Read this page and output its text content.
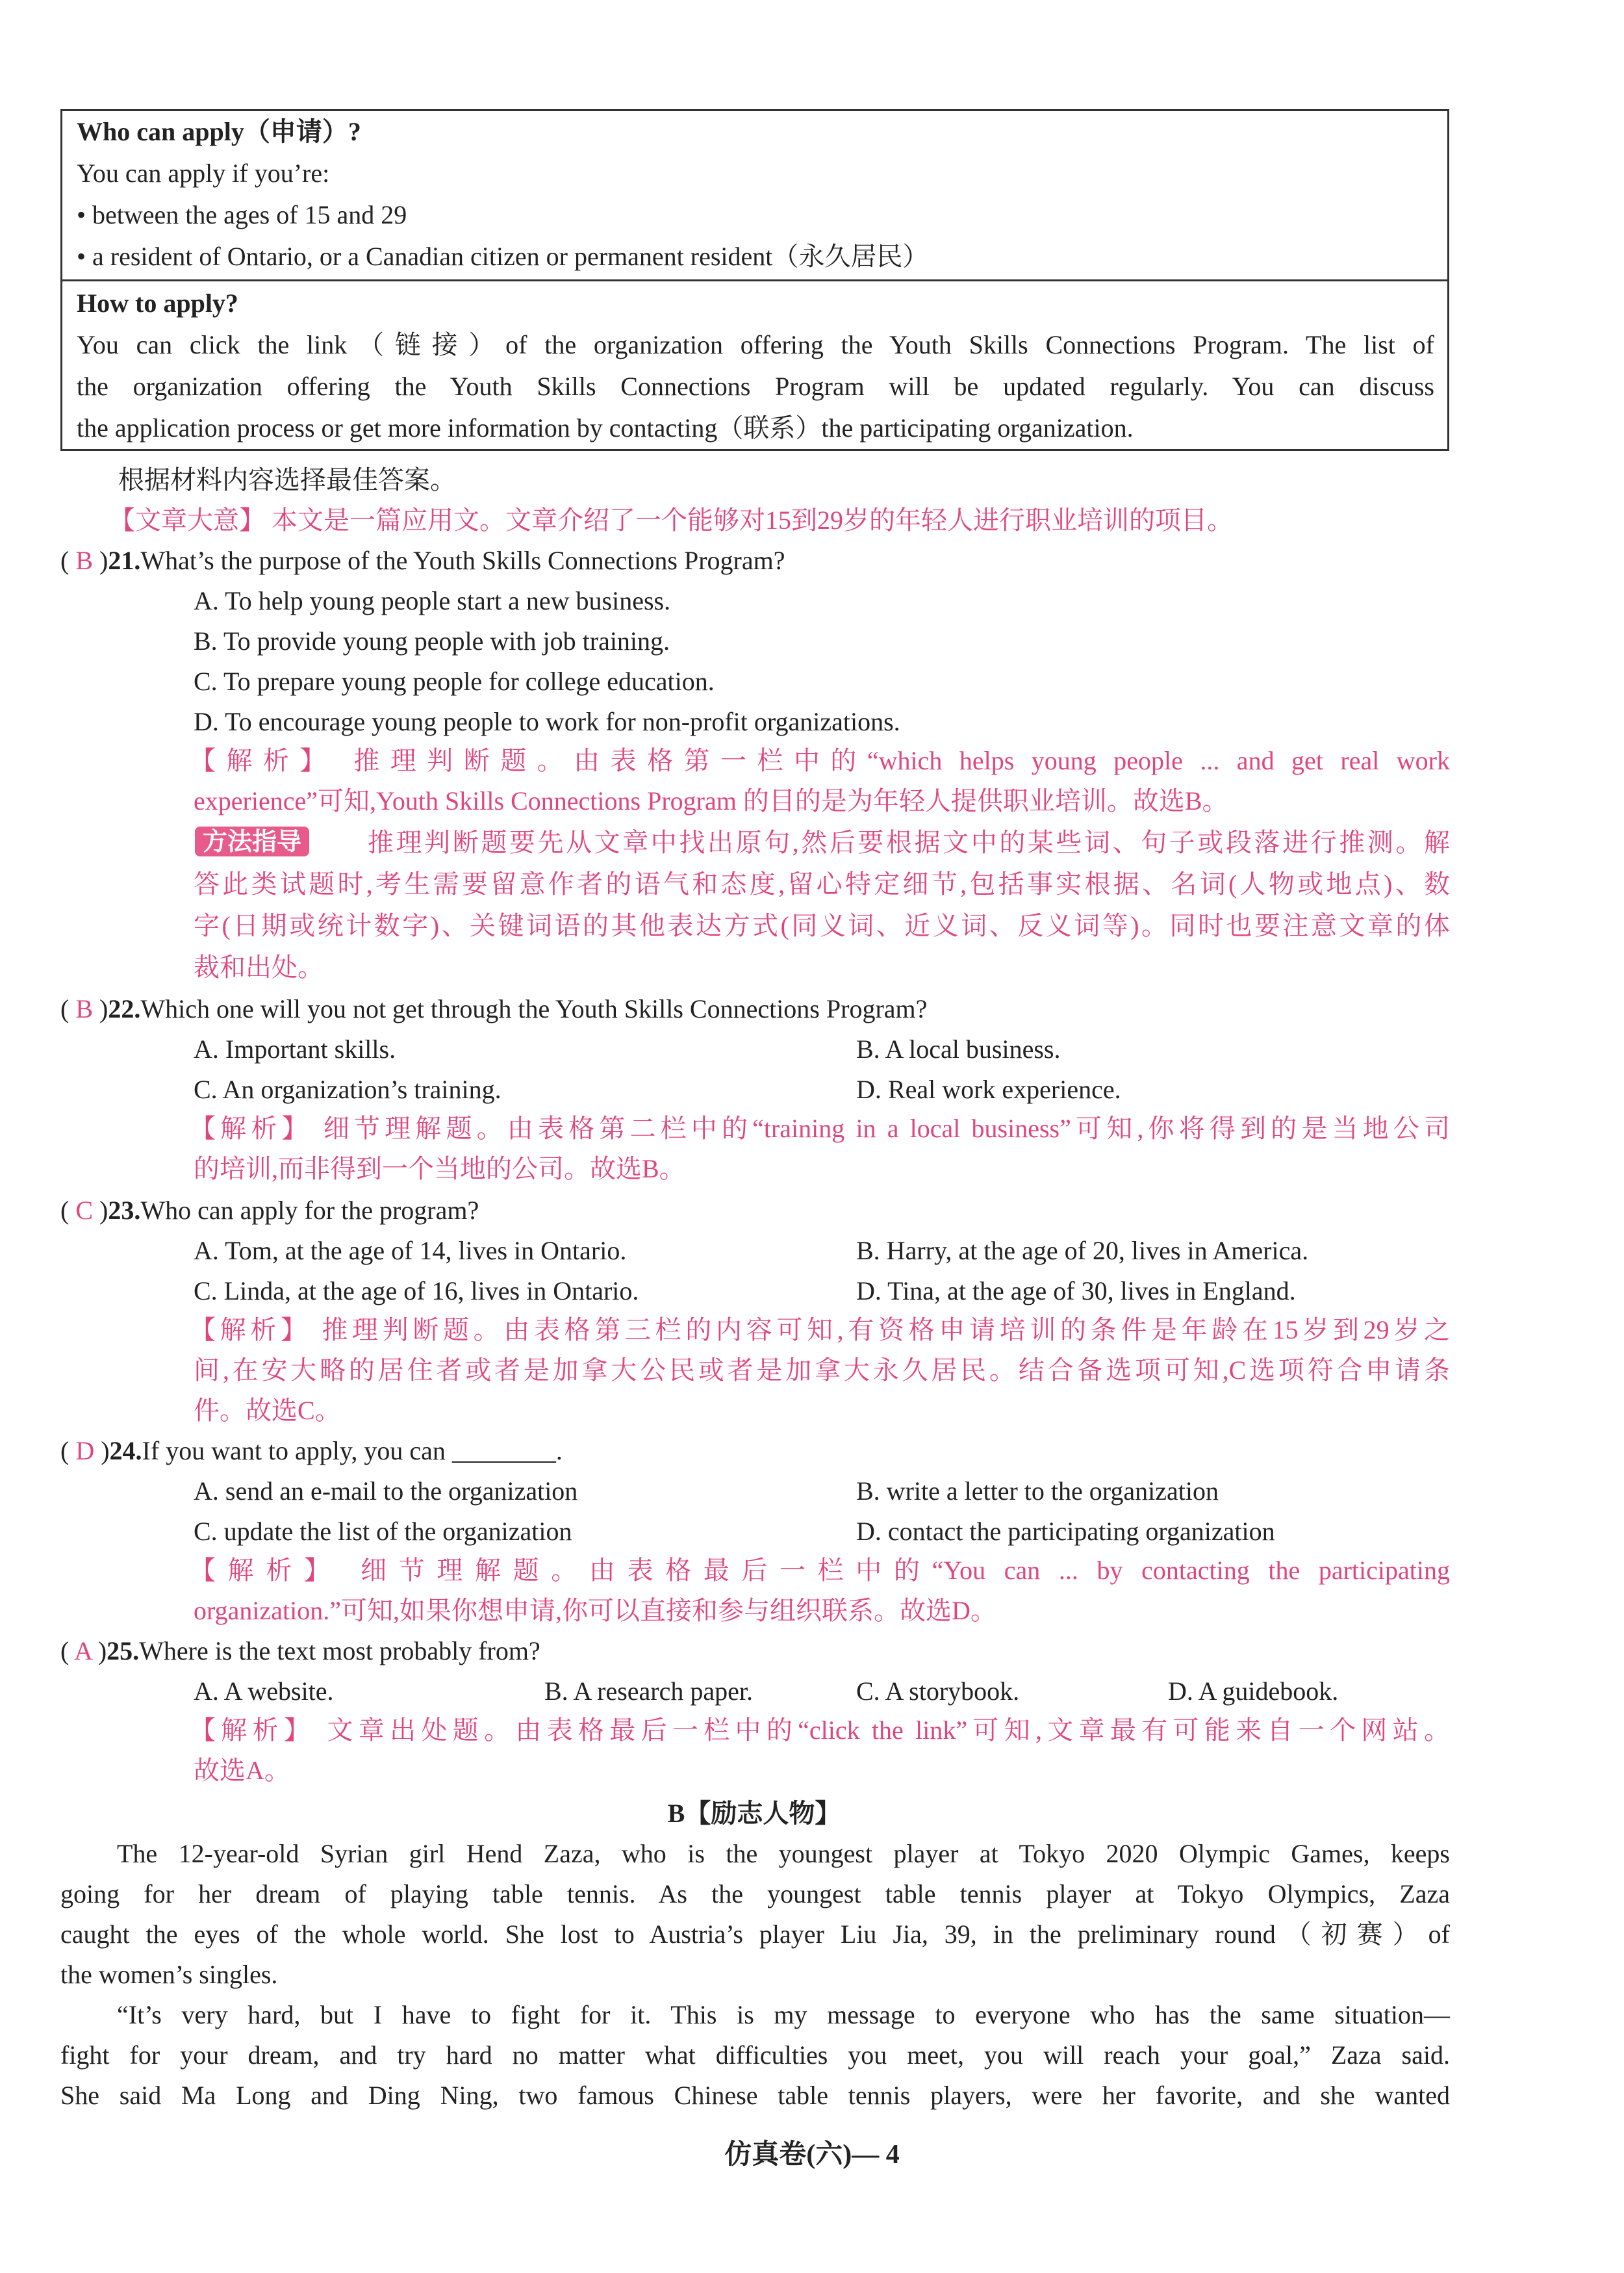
Who can apply（申请）?
You can apply if you’re:
• between the ages of 15 and 29
• a resident of Ontario, or a Canadian citizen or permanent resident（永久居民）
How to apply?
You can click the link（链接）of the organization offering the Youth Skills Connections Program. The list of
the organization offering the Youth Skills Connections Program will be updated regularly. You can discuss
the application process or get more information by contacting（联系）the participating organization.
根据材料内容选择最佳答案。
【文章大意】 本文是一篇应用文。文章介绍了一个能够对15到29岁的年轻人进行职业培训的项目。
( B )21.What’s the purpose of the Youth Skills Connections Program?
A. To help young people start a new business.
B. To provide young people with job training.
C. To prepare young people for college education.
D. To encourage young people to work for non-profit organizations.
【解析】 推理判断题。由表格第一栏中的“which helps young people ... and get real work
experience”可知,Youth Skills Connections Program 的目的是为年轻人提供职业培训。故选B。
方法指导	推理判断题要先从文章中找出原句,然后要根据文中的某些词、句子或段落进行推测。解
答此类试题时,考生需要留意作者的语气和态度,留心特定细节,包括事实根据、名词(人物或地点)、数
字(日期或统计数字)、关键词语的其他表达方式(同义词、近义词、反义词等)。同时也要注意文章的体
裁和出处。
( B )22.Which one will you not get through the Youth Skills Connections Program?
A. Important skills.	B. A local business.
C. An organization’s training.	D. Real work experience.
【解析】 细节理解题。由表格第二栏中的“training in a local business”可知,你将得到的是当地公司
的培训,而非得到一个当地的公司。故选B。
( C )23.Who can apply for the program?
A. Tom, at the age of 14, lives in Ontario.	B. Harry, at the age of 20, lives in America.
C. Linda, at the age of 16, lives in Ontario.	D. Tina, at the age of 30, lives in England.
【解析】 推理判断题。由表格第三栏的内容可知,有资格申请培训的条件是年龄在15岁到29岁之
间,在安大略的居住者或者是加拿大公民或者是加拿大永久居民。结合备选项可知,C选项符合申请条
件。故选C。
( D )24.If you want to apply, you can ________.
A. send an e-mail to the organization	B. write a letter to the organization
C. update the list of the organization	D. contact the participating organization
【解析】 细节理解题。由表格最后一栏中的“You can ... by contacting the participating
organization.”可知,如果你想申请,你可以直接和参与组织联系。故选D。
( A )25.Where is the text most probably from?
A. A website.	B. A research paper.	C. A storybook.	D. A guidebook.
【解析】 文章出处题。由表格最后一栏中的“click the link”可知,文章最有可能来自一个网站。
故选A。
B【励志人物】
The 12-year-old Syrian girl Hend Zaza, who is the youngest player at Tokyo 2020 Olympic Games, keeps
going for her dream of playing table tennis. As the youngest table tennis player at Tokyo Olympics, Zaza
caught the eyes of the whole world. She lost to Austria’s player Liu Jia, 39, in the preliminary round（初赛）of
the women’s singles.
“It’s very hard, but I have to fight for it. This is my message to everyone who has the same situation—
fight for your dream, and try hard no matter what difficulties you meet, you will reach your goal,” Zaza said.
She said Ma Long and Ding Ning, two famous Chinese table tennis players, were her favorite, and she wanted
仿真卷(六)— 4
